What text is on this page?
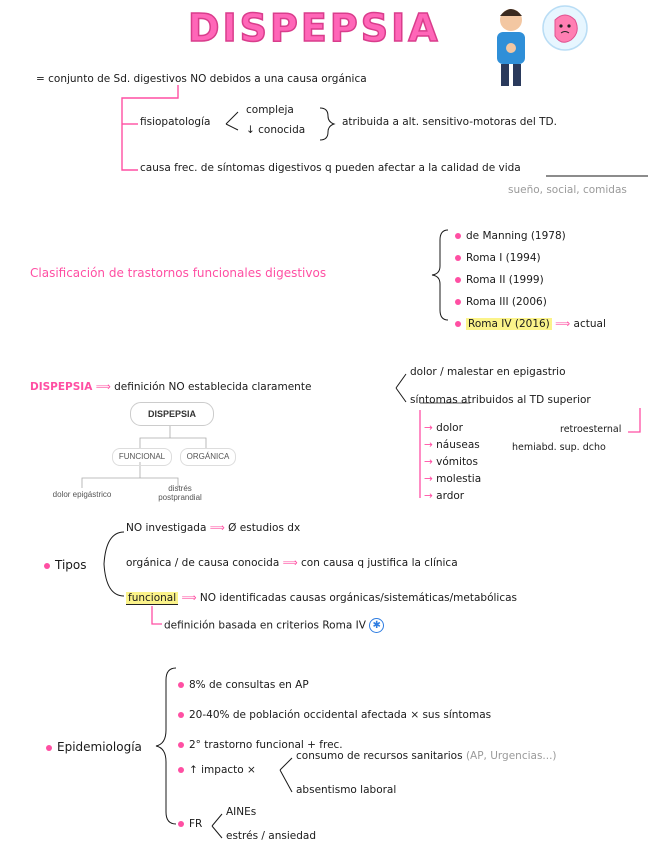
DISPEPSIA
= conjunto de Sd. digestivos NO debidos a una causa orgánica
fisiopatología
compleja
↓ conocida
atribuida a alt. sensitivo-motoras del TD.
causa frec. de síntomas digestivos q pueden afectar a la calidad de vida
sueño, social, comidas
Clasificación de trastornos funcionales digestivos
de Manning (1978)
Roma I (1994)
Roma II (1999)
Roma III (2006)
Roma IV (2016) ⟹ actual
DISPEPSIA ⟹ definición NO establecida claramente
dolor / malestar en epigastrio
síntomas atribuidos al TD superior
→ dolor
→ náuseas
→ vómitos
→ molestia
→ ardor
retroesternal
hemiabd. sup. dcho
DISPEPSIA
FUNCIONAL	ORGÁNICA
dolor epigástrico
distrés
postprandial
Tipos
NO investigada ⟹ Ø estudios dx
orgánica / de causa conocida ⟹ con causa q justifica la clínica
funcional ⟹ NO identificadas causas orgánicas/sistemáticas/metabólicas
definición basada en criterios Roma IV ✱
Epidemiología
8% de consultas en AP
20-40% de población occidental afectada × sus síntomas
2° trastorno funcional + frec.
↑ impacto ×
consumo de recursos sanitarios (AP, Urgencias...)
absentismo laboral
FR
AINEs
estrés / ansiedad
